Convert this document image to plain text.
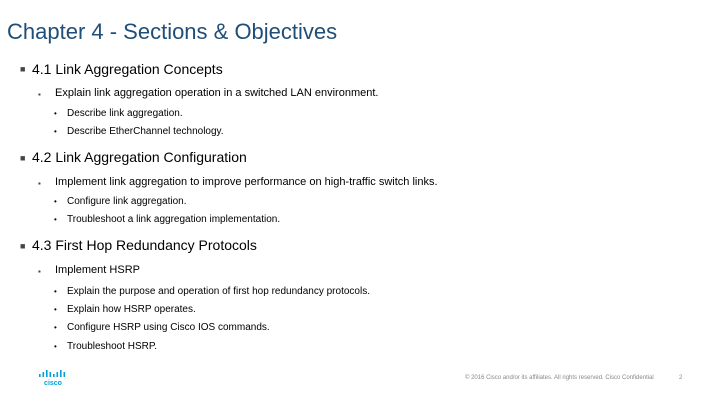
Chapter 4 - Sections & Objectives
■ 4.1 Link Aggregation Concepts
▪ Explain link aggregation operation in a switched LAN environment.
• Describe link aggregation.
• Describe EtherChannel technology.
■ 4.2 Link Aggregation Configuration
▪ Implement link aggregation to improve performance on high-traffic switch links.
• Configure link aggregation.
• Troubleshoot a link aggregation implementation.
■ 4.3 First Hop Redundancy Protocols
▪ Implement HSRP
• Explain the purpose and operation of first hop redundancy protocols.
• Explain how HSRP operates.
• Configure HSRP using Cisco IOS commands.
• Troubleshoot HSRP.
cisco
© 2016 Cisco and/or its affiliates. All rights reserved. Cisco Confidential	2
